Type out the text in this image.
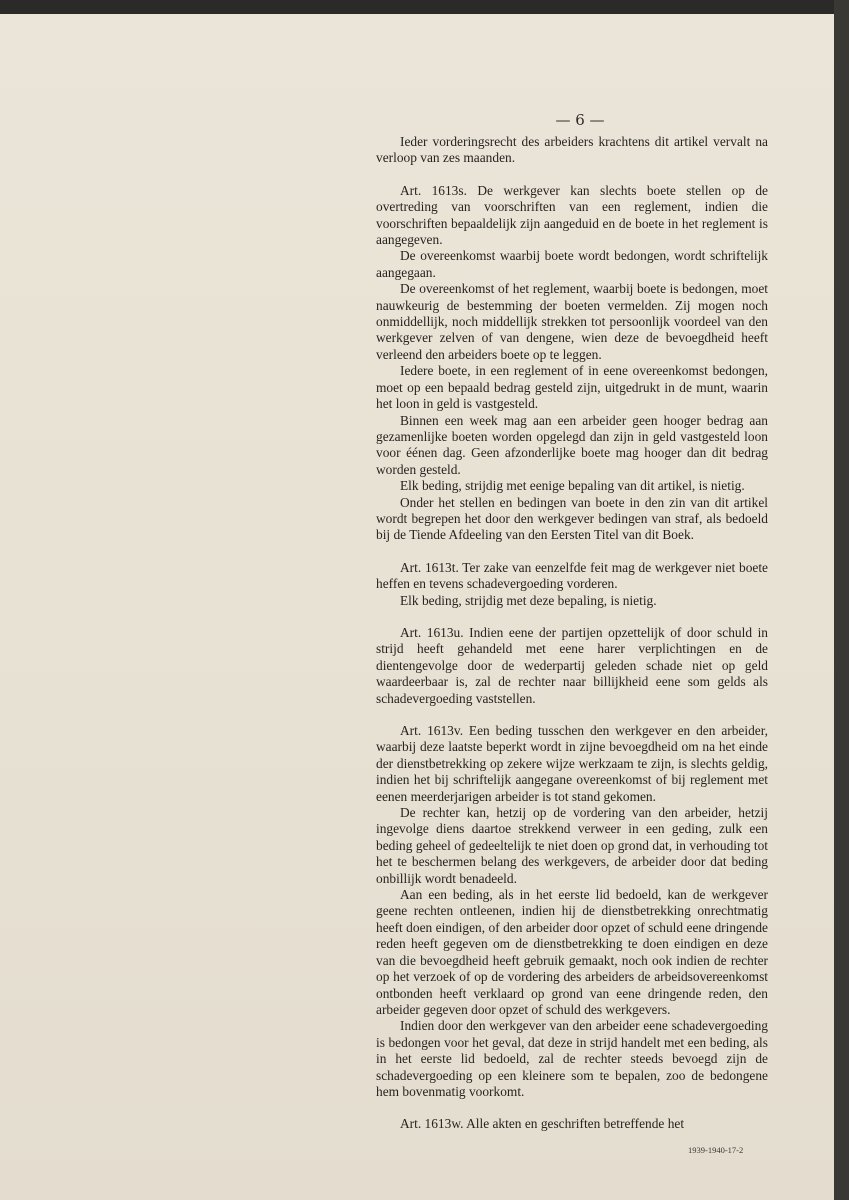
— 6 —

Ieder vorderingsrecht des arbeiders krachtens dit artikel vervalt na verloop van zes maanden.

Art. 1613s. De werkgever kan slechts boete stellen op de overtreding van voorschriften van een reglement, indien die voorschriften bepaaldelijk zijn aangeduid en de boete in het reglement is aangegeven.

De overeenkomst waarbij boete wordt bedongen, wordt schriftelijk aangegaan.

De overeenkomst of het reglement, waarbij boete is bedongen, moet nauwkeurig de bestemming der boeten vermelden. Zij mogen noch onmiddellijk, noch middellijk strekken tot persoonlijk voordeel van den werkgever zelven of van dengene, wien deze de bevoegdheid heeft verleend den arbeiders boete op te leggen.

Iedere boete, in een reglement of in eene overeenkomst bedongen, moet op een bepaald bedrag gesteld zijn, uitgedrukt in de munt, waarin het loon in geld is vastgesteld.

Binnen een week mag aan een arbeider geen hooger bedrag aan gezamenlijke boeten worden opgelegd dan zijn in geld vastgesteld loon voor éénen dag. Geen afzonderlijke boete mag hooger dan dit bedrag worden gesteld.

Elk beding, strijdig met eenige bepaling van dit artikel, is nietig.

Onder het stellen en bedingen van boete in den zin van dit artikel wordt begrepen het door den werkgever bedingen van straf, als bedoeld bij de Tiende Afdeeling van den Eersten Titel van dit Boek.

Art. 1613t. Ter zake van eenzelfde feit mag de werkgever niet boete heffen en tevens schadevergoeding vorderen.

Elk beding, strijdig met deze bepaling, is nietig.

Art. 1613u. Indien eene der partijen opzettelijk of door schuld in strijd heeft gehandeld met eene harer verplichtingen en de dientengevolge door de wederpartij geleden schade niet op geld waardeerbaar is, zal de rechter naar billijkheid eene som gelds als schadevergoeding vaststellen.

Art. 1613v. Een beding tusschen den werkgever en den arbeider, waarbij deze laatste beperkt wordt in zijne bevoegdheid om na het einde der dienstbetrekking op zekere wijze werkzaam te zijn, is slechts geldig, indien het bij schriftelijk aangegane overeenkomst of bij reglement met eenen meerderjarigen arbeider is tot stand gekomen.

De rechter kan, hetzij op de vordering van den arbeider, hetzij ingevolge diens daartoe strekkend verweer in een geding, zulk een beding geheel of gedeeltelijk te niet doen op grond dat, in verhouding tot het te beschermen belang des werkgevers, de arbeider door dat beding onbillijk wordt benadeeld.

Aan een beding, als in het eerste lid bedoeld, kan de werkgever geene rechten ontleenen, indien hij de dienstbetrekking onrechtmatig heeft doen eindigen, of den arbeider door opzet of schuld eene dringende reden heeft gegeven om de dienstbetrekking te doen eindigen en deze van die bevoegdheid heeft gebruik gemaakt, noch ook indien de rechter op het verzoek of op de vordering des arbeiders de arbeidsovereenkomst ontbonden heeft verklaard op grond van eene dringende reden, den arbeider gegeven door opzet of schuld des werkgevers.

Indien door den werkgever van den arbeider eene schadevergoeding is bedongen voor het geval, dat deze in strijd handelt met een beding, als in het eerste lid bedoeld, zal de rechter steeds bevoegd zijn de schadevergoeding op een kleinere som te bepalen, zoo de bedongene hem bovenmatig voorkomt.

Art. 1613w. Alle akten en geschriften betreffende het

1939-1940-17-2
